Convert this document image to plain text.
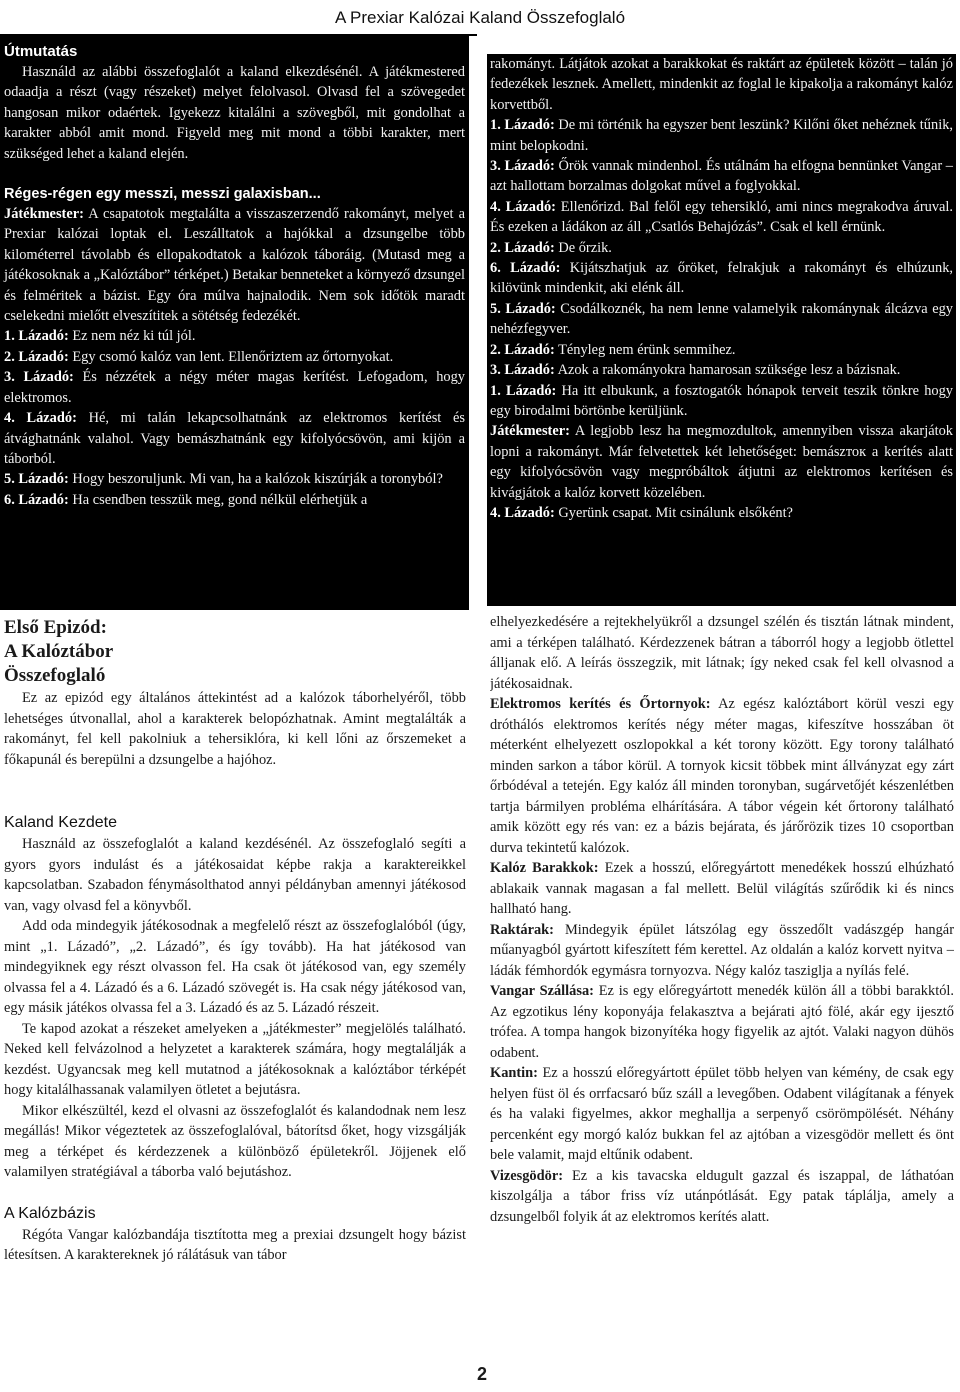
A Prexiar Kalózai Kaland Összefoglaló

Útmutatás

Használd az alábbi összefoglalót a kaland elkezdésénél. A játékmestered odaadja a részt (vagy részeket) melyet felolvasol. Olvasd fel a szövegedet hangosan mikor odaértek. Igyekezz kitalálni a szövegből, mit gondolhat a karakter abból amit mond. Figyeld meg mit mond a többi karakter, mert szükséged lehet a kaland elején.

Réges-régen egy messzi, messzi galaxisban...

Játékmester: A csapatotok megtalálta a visszaszerzendő rakományt, melyet a Prexiar kalózai loptak el. Leszálltatok a hajókkal a dzsungelbe több kilométerrel távolabb és ellopakodtatok a kalózok táboráig. (Mutasd meg a játékosoknak a „Kalóztábor” térképet.) Betakar benneteket a környező dzsungel és felméritek a bázist. Egy óra múlva hajnalodik. Nem sok időtök maradt cselekedni mielőtt elveszítitek a sötétség fedezékét.

1. Lázadó: Ez nem néz ki túl jól.

2. Lázadó: Egy csomó kalóz van lent. Ellenőriztem az őrtornyokat.

3. Lázadó: És nézzétek a négy méter magas kerítést. Lefogadom, hogy elektromos.

4. Lázadó: Hé, mi talán lekapcsolhatnánk az elektromos kerítést és átvághatnánk valahol. Vagy bemászhatnánk egy kifolyócsövön, ami kijön a táborból.

5. Lázadó: Hogy beszoruljunk. Mi van, ha a kalózok kiszúrják a toronyból?

6. Lázadó: Ha csendben tesszük meg, gond nélkül elérhetjük a

rakományt. Látjátok azokat a barakkokat és raktárt az épületek között – talán jó fedezékek lesznek. Amellett, mindenkit az foglal le kipakolja a rakományt kalóz korvettből.

1. Lázadó: De mi történik ha egyszer bent leszünk? Kilőni őket nehéznek tűnik, mint belopkodni.

3. Lázadó: Őrök vannak mindenhol. És utálnám ha elfogna bennünket Vangar – azt hallottam borzalmas dolgokat művel a foglyokkal.

4. Lázadó: Ellenőrizd. Bal felől egy tehersikló, ami nincs megrakodva áruval. És ezeken a ládákon az áll „Csatlós Behajózás”. Csak el kell érnünk.

2. Lázadó: De őrzik.

6. Lázadó: Kijátszhatjuk az őröket, felrakjuk a rakományt és elhúzunk, kilövünk mindenkit, aki elénk áll.

5. Lázadó: Csodálkoznék, ha nem lenne valamelyik rakománynak álcázva egy nehézfegyver.

2. Lázadó: Tényleg nem érünk semmihez.

3. Lázadó: Azok a rakományokra hamarosan szüksége lesz a bázisnak.

1. Lázadó: Ha itt elbukunk, a fosztogatók hónapok terveit teszik tönkre hogy egy birodalmi börtönbe kerüljünk.

Játékmester: A legjobb lesz ha megmozdultok, amennyiben vissza akarjátok lopni a rakományt. Már felvetettek két lehetőséget: bemászток a kerítés alatt egy kifolyócsövön vagy megpróbáltok átjutni az elektromos kerítésen és kivágjátok a kalóz korvett közelében.

4. Lázadó: Gyerünk csapat. Mit csinálunk elsőként?

Első Epizód:

A Kalóztábor

Összefoglaló

Ez az epizód egy általános áttekintést ad a kalózok táborhelyéről, több lehetséges útvonallal, ahol a karakterek belopózhatnak. Amint megtalálták a rakományt, fel kell pakolniuk a tehersiklóra, ki kell lőni az őrszemeket a főkapunál és berepülni a dzsungelbe a hajóhoz.

Kaland Kezdete

Használd az összefoglalót a kaland kezdésénél. Az összefoglaló segíti a gyors gyors indulást és a játékosaidat képbe rakja a karaktereikkel kapcsolatban. Szabadon fénymásolthatod annyi példányban amennyi játékosod van, vagy olvasd fel a könyvből.

Add oda mindegyik játékosodnak a megfelelő részt az összefoglalóból (úgy, mint „1. Lázadó”, „2. Lázadó”, és így tovább). Ha hat játékosod van mindegyiknek egy részt olvasson fel. Ha csak öt játékosod van, egy személy olvassa fel a 4. Lázadó és a 6. Lázadó szövegét is. Ha csak négy játékosod van, egy másik játékos olvassa fel a 3. Lázadó és az 5. Lázadó részeit.

Te kapod azokat a részeket amelyeken a „játékmester” megjelölés található. Neked kell felvázolnod a helyzetet a karakterek számára, hogy megtalálják a kezdést. Ugyancsak meg kell mutatnod a játékosoknak a kalóztábor térképét hogy kitalálhassanak valamilyen ötletet a bejutásra.

Mikor elkészültél, kezd el olvasni az összefoglalót és kalandodnak nem lesz megállás! Mikor végeztetek az összefoglalóval, bátorítsd őket, hogy vizsgálják meg a térképet és kérdezzenek a különböző épületekről. Jöjjenek elő valamilyen stratégiával a táborba való bejutáshoz.

A Kalózbázis

Régóta Vangar kalózbandája tisztította meg a prexiai dzsungelt hogy bázist létesítsen. A karaktereknek jó rálátásuk van tábor

elhelyezkedésére a rejtekhelyükről a dzsungel szélén és tisztán látnak mindent, ami a térképen található. Kérdezzenek bátran a táborról hogy a legjobb ötlettel álljanak elő. A leírás összegzik, mit látnak; így neked csak fel kell olvasnod a játékosaidnak.

Elektromos kerítés és Őrtornyok: Az egész kalóztábort körül veszi egy dróthálós elektromos kerítés négy méter magas, kifeszítve hosszában öt méterként elhelyezett oszlopokkal a két torony között. Egy torony található minden sarkon a tábor körül. A tornyok kicsit többek mint állványzat egy zárt őrbódéval a tetején. Egy kalóz áll minden toronyban, sugárvetőjét készenlétben tartja bármilyen probléma elhárítására. A tábor végein két őrtorony található amik között egy rés van: ez a bázis bejárata, és járőrözik tizes 10 csoportban durva tekintetű kalózok.

Kalóz Barakkok: Ezek a hosszú, előregyártott menedékek hosszú elhúzható ablakaik vannak magasan a fal mellett. Belül világítás szűrődik ki és nincs hallható hang.

Raktárak: Mindegyik épület látszólag egy összedőlt vadászgép hangár műanyagból gyártott kifeszített fém kerettel. Az oldalán a kalóz korvett nyitva – ládák fémhordók egymásra tornyozva. Négy kalóz tasziglja a nyílás felé.

Vangar Szállása: Ez is egy előregyártott menedék külön áll a többi barakktól. Az egzotikus lény koponyája felakasztva a bejárati ajtó fölé, akár egy ijesztő trófea. A tompa hangok bizonyítéka hogy figyelik az ajtót. Valaki nagyon dühös odabent.

Kantin: Ez a hosszú előregyártott épület több helyen van kémény, de csak egy helyen füst öl és orrfacsaró bűz száll a levegőben. Odabent világítanak a fények és ha valaki figyelmes, akkor meghallja a serpenyő csörömpölését. Néhány percenként egy morgó kalóz bukkan fel az ajtóban a vizesgödör mellett és önt bele valamit, majd eltűnik odabent.

Vizesgödör: Ez a kis tavacska eldugult gazzal és iszappal, de láthatóan kiszolgálja a tábor friss víz utánpótlását. Egy patak táplálja, amely a dzsungelből folyik át az elektromos kerítés alatt.

2
